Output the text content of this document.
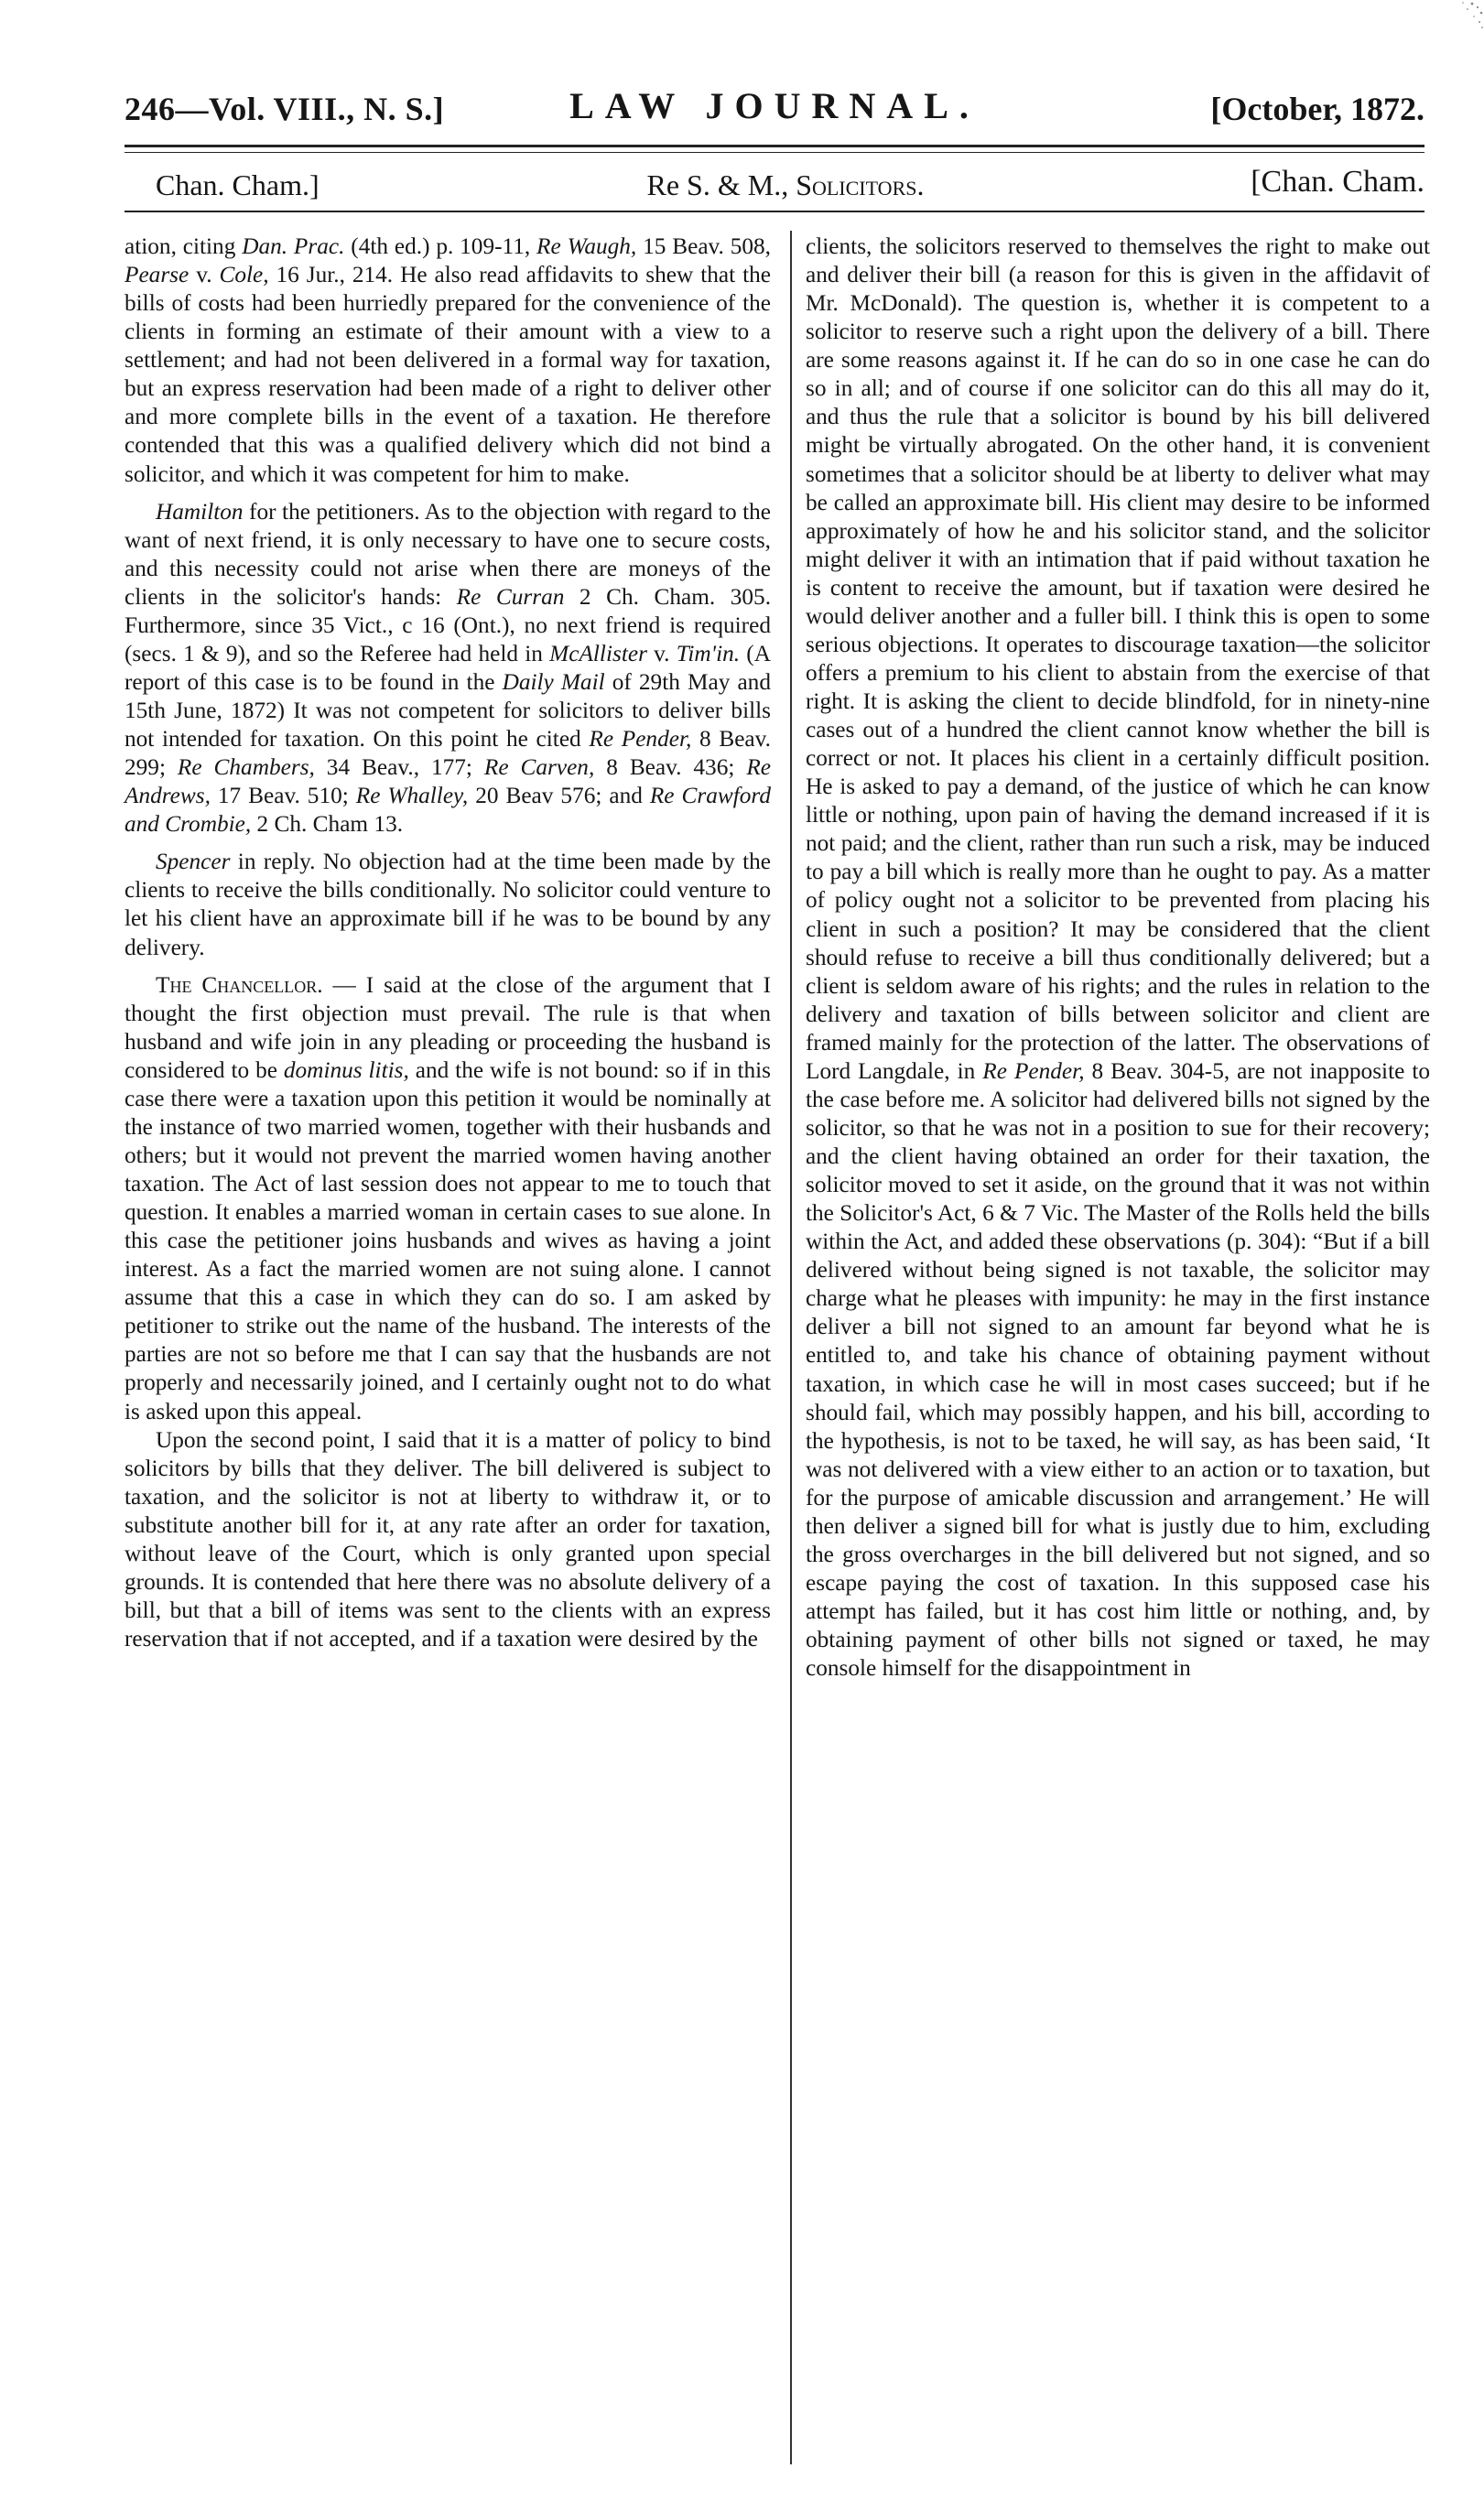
246—Vol. VIII., N. S.]	LAW JOURNAL.	[October, 1872.
Chan. Cham.]	Re S. & M., Solicitors.	[Chan. Cham.

ation, citing Dan. Prac. (4th ed.) p. 109-11, Re Waugh, 15 Beav. 508, Pearse v. Cole, 16 Jur., 214. He also read affidavits to shew that the bills of costs had been hurriedly prepared for the convenience of the clients in forming an estimate of their amount with a view to a settlement; and had not been delivered in a formal way for taxation, but an express reservation had been made of a right to deliver other and more complete bills in the event of a taxation. He therefore contended that this was a qualified delivery which did not bind a solicitor, and which it was competent for him to make.

Hamilton for the petitioners. As to the objection with regard to the want of next friend, it is only necessary to have one to secure costs, and this necessity could not arise when there are moneys of the clients in the solicitor's hands: Re Curran 2 Ch. Cham. 305. Furthermore, since 35 Vict., c 16 (Ont.), no next friend is required (secs. 1 & 9), and so the Referee had held in McAllister v. Tim'in. (A report of this case is to be found in the Daily Mail of 29th May and 15th June, 1872) It was not competent for solicitors to deliver bills not intended for taxation. On this point he cited Re Pender, 8 Beav. 299; Re Chambers, 34 Beav., 177; Re Carven, 8 Beav. 436; Re Andrews, 17 Beav. 510; Re Whalley, 20 Beav 576; and Re Crawford and Crombie, 2 Ch. Cham 13.

Spencer in reply. No objection had at the time been made by the clients to receive the bills conditionally. No solicitor could venture to let his client have an approximate bill if he was to be bound by any delivery.

The Chancellor. — I said at the close of the argument that I thought the first objection must prevail. The rule is that when husband and wife join in any pleading or proceeding the husband is considered to be dominus litis, and the wife is not bound: so if in this case there were a taxation upon this petition it would be nominally at the instance of two married women, together with their husbands and others; but it would not prevent the married women having another taxation. The Act of last session does not appear to me to touch that question. It enables a married woman in certain cases to sue alone. In this case the petitioner joins husbands and wives as having a joint interest. As a fact the married women are not suing alone. I cannot assume that this a case in which they can do so. I am asked by petitioner to strike out the name of the husband. The interests of the parties are not so before me that I can say that the husbands are not properly and necessarily joined, and I certainly ought not to do what is asked upon this appeal.

Upon the second point, I said that it is a matter of policy to bind solicitors by bills that they deliver. The bill delivered is subject to taxation, and the solicitor is not at liberty to withdraw it, or to substitute another bill for it, at any rate after an order for taxation, without leave of the Court, which is only granted upon special grounds. It is contended that here there was no absolute delivery of a bill, but that a bill of items was sent to the clients with an express reservation that if not accepted, and if a taxation were desired by the

clients, the solicitors reserved to themselves the right to make out and deliver their bill (a reason for this is given in the affidavit of Mr. McDonald). The question is, whether it is competent to a solicitor to reserve such a right upon the delivery of a bill. There are some reasons against it. If he can do so in one case he can do so in all; and of course if one solicitor can do this all may do it, and thus the rule that a solicitor is bound by his bill delivered might be virtually abrogated. On the other hand, it is convenient sometimes that a solicitor should be at liberty to deliver what may be called an approximate bill. His client may desire to be informed approximately of how he and his solicitor stand, and the solicitor might deliver it with an intimation that if paid without taxation he is content to receive the amount, but if taxation were desired he would deliver another and a fuller bill. I think this is open to some serious objections. It operates to discourage taxation—the solicitor offers a premium to his client to abstain from the exercise of that right. It is asking the client to decide blindfold, for in ninety-nine cases out of a hundred the client cannot know whether the bill is correct or not. It places his client in a certainly difficult position. He is asked to pay a demand, of the justice of which he can know little or nothing, upon pain of having the demand increased if it is not paid; and the client, rather than run such a risk, may be induced to pay a bill which is really more than he ought to pay. As a matter of policy ought not a solicitor to be prevented from placing his client in such a position? It may be considered that the client should refuse to receive a bill thus conditionally delivered; but a client is seldom aware of his rights; and the rules in relation to the delivery and taxation of bills between solicitor and client are framed mainly for the protection of the latter. The observations of Lord Langdale, in Re Pender, 8 Beav. 304-5, are not inapposite to the case before me. A solicitor had delivered bills not signed by the solicitor, so that he was not in a position to sue for their recovery; and the client having obtained an order for their taxation, the solicitor moved to set it aside, on the ground that it was not within the Solicitor's Act, 6 & 7 Vic. The Master of the Rolls held the bills within the Act, and added these observations (p. 304): “But if a bill delivered without being signed is not taxable, the solicitor may charge what he pleases with impunity: he may in the first instance deliver a bill not signed to an amount far beyond what he is entitled to, and take his chance of obtaining payment without taxation, in which case he will in most cases succeed; but if he should fail, which may possibly happen, and his bill, according to the hypothesis, is not to be taxed, he will say, as has been said, ‘It was not delivered with a view either to an action or to taxation, but for the purpose of amicable discussion and arrangement.’ He will then deliver a signed bill for what is justly due to him, excluding the gross overcharges in the bill delivered but not signed, and so escape paying the cost of taxation. In this supposed case his attempt has failed, but it has cost him little or nothing, and, by obtaining payment of other bills not signed or taxed, he may console himself for the disappointment in
